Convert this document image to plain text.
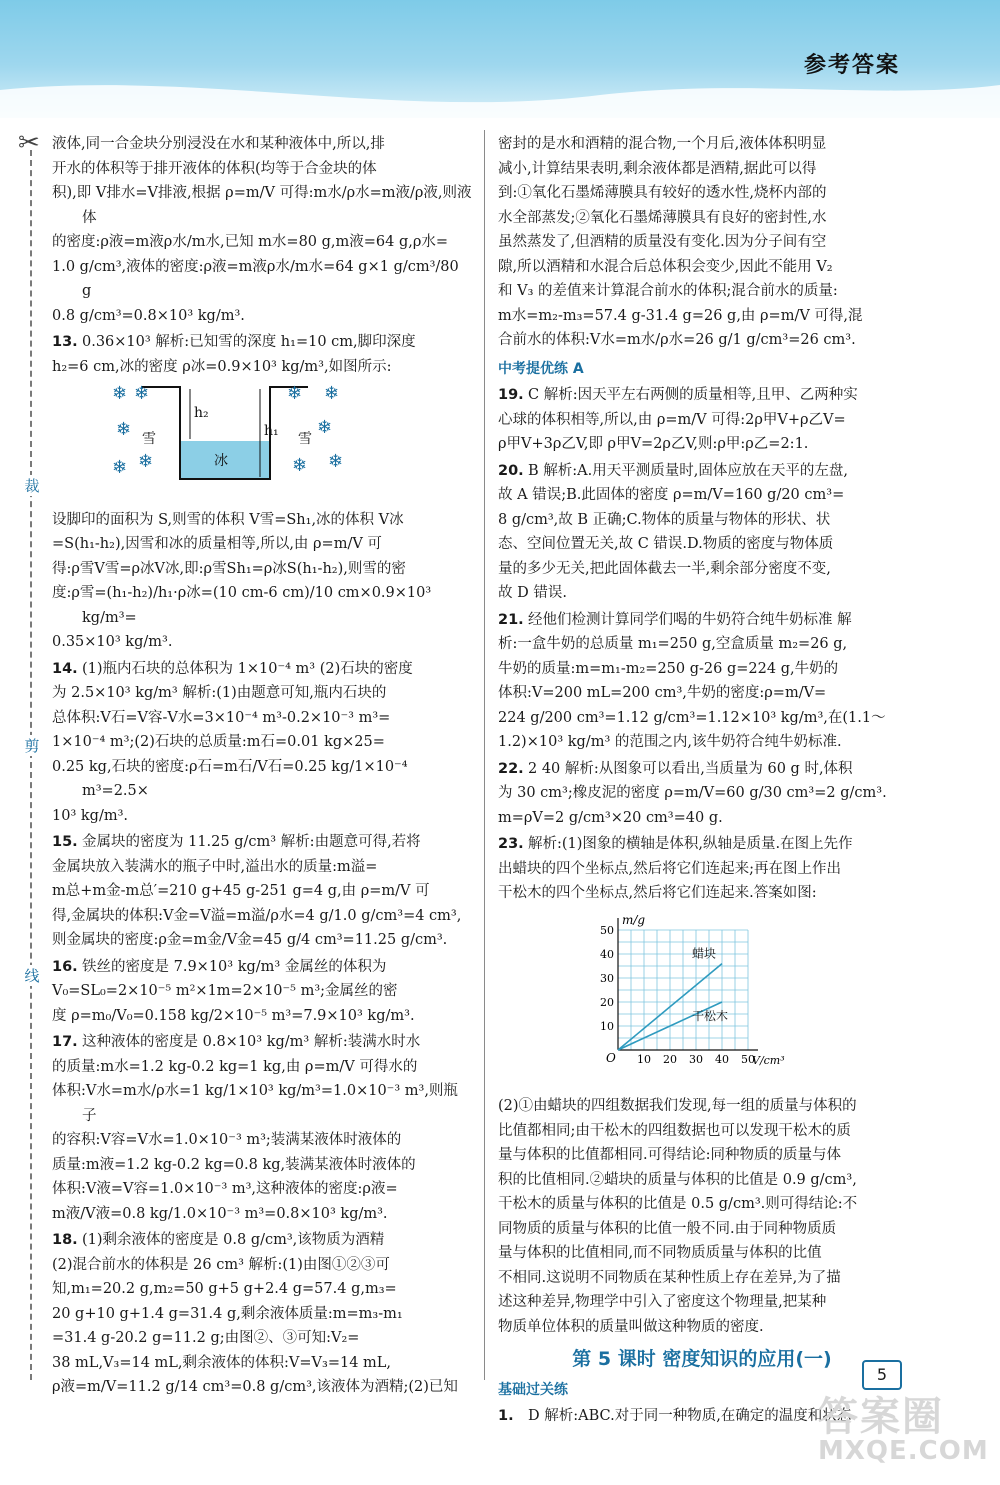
参考答案
✂
裁
剪
线
液体,同一合金块分别浸没在水和某种液体中,所以,排
开水的体积等于排开液体的体积(均等于合金块的体
积),即 V排水=V排液,根据 ρ=m/V 可得:m水/ρ水=m液/ρ液,则液体
的密度:ρ液=m液ρ水/m水,已知 m水=80 g,m液=64 g,ρ水=
1.0 g/cm³,液体的密度:ρ液=m液ρ水/m水=64 g×1 g/cm³/80 g
0.8 g/cm³=0.8×10³ kg/m³.
13. 0.36×10³ 解析:已知雪的深度 h₁=10 cm,脚印深度
h₂=6 cm,冰的密度 ρ冰=0.9×10³ kg/m³,如图所示:
❄ ❄
❄
❄ ❄
❄ ❄
❄
❄ ❄
雪	雪
冰
h₂
h₁
设脚印的面积为 S,则雪的体积 V雪=Sh₁,冰的体积 V冰
=S(h₁-h₂),因雪和冰的质量相等,所以,由 ρ=m/V 可
得:ρ雪V雪=ρ冰V冰,即:ρ雪Sh₁=ρ冰S(h₁-h₂),则雪的密
度:ρ雪=(h₁-h₂)/h₁·ρ冰=(10 cm-6 cm)/10 cm×0.9×10³ kg/m³=
0.35×10³ kg/m³.
14. (1)瓶内石块的总体积为 1×10⁻⁴ m³ (2)石块的密度
为 2.5×10³ kg/m³ 解析:(1)由题意可知,瓶内石块的
总体积:V石=V容-V水=3×10⁻⁴ m³-0.2×10⁻³ m³=
1×10⁻⁴ m³;(2)石块的总质量:m石=0.01 kg×25=
0.25 kg,石块的密度:ρ石=m石/V石=0.25 kg/1×10⁻⁴ m³=2.5×
10³ kg/m³.
15. 金属块的密度为 11.25 g/cm³ 解析:由题意可得,若将
金属块放入装满水的瓶子中时,溢出水的质量:m溢=
m总+m金-m总′=210 g+45 g-251 g=4 g,由 ρ=m/V 可
得,金属块的体积:V金=V溢=m溢/ρ水=4 g/1.0 g/cm³=4 cm³,
则金属块的密度:ρ金=m金/V金=45 g/4 cm³=11.25 g/cm³.
16. 铁丝的密度是 7.9×10³ kg/m³ 金属丝的体积为
V₀=SL₀=2×10⁻⁵ m²×1m=2×10⁻⁵ m³;金属丝的密
度 ρ=m₀/V₀=0.158 kg/2×10⁻⁵ m³=7.9×10³ kg/m³.
17. 这种液体的密度是 0.8×10³ kg/m³ 解析:装满水时水
的质量:m水=1.2 kg-0.2 kg=1 kg,由 ρ=m/V 可得水的
体积:V水=m水/ρ水=1 kg/1×10³ kg/m³=1.0×10⁻³ m³,则瓶子
的容积:V容=V水=1.0×10⁻³ m³;装满某液体时液体的
质量:m液=1.2 kg-0.2 kg=0.8 kg,装满某液体时液体的
体积:V液=V容=1.0×10⁻³ m³,这种液体的密度:ρ液=
m液/V液=0.8 kg/1.0×10⁻³ m³=0.8×10³ kg/m³.
18. (1)剩余液体的密度是 0.8 g/cm³,该物质为酒精
(2)混合前水的体积是 26 cm³ 解析:(1)由图①②③可
知,m₁=20.2 g,m₂=50 g+5 g+2.4 g=57.4 g,m₃=
20 g+10 g+1.4 g=31.4 g,剩余液体质量:m=m₃-m₁
=31.4 g-20.2 g=11.2 g;由图②、③可知:V₂=
38 mL,V₃=14 mL,剩余液体的体积:V=V₃=14 mL,
ρ液=m/V=11.2 g/14 cm³=0.8 g/cm³,该液体为酒精;(2)已知
密封的是水和酒精的混合物,一个月后,液体体积明显
减小,计算结果表明,剩余液体都是酒精,据此可以得
到:①氧化石墨烯薄膜具有较好的透水性,烧杯内部的
水全部蒸发;②氧化石墨烯薄膜具有良好的密封性,水
虽然蒸发了,但酒精的质量没有变化.因为分子间有空
隙,所以酒精和水混合后总体积会变少,因此不能用 V₂
和 V₃ 的差值来计算混合前水的体积;混合前水的质量:
m水=m₂-m₃=57.4 g-31.4 g=26 g,由 ρ=m/V 可得,混
合前水的体积:V水=m水/ρ水=26 g/1 g/cm³=26 cm³.
中考提优练 A
19. C 解析:因天平左右两侧的质量相等,且甲、乙两种实
心球的体积相等,所以,由 ρ=m/V 可得:2ρ甲V+ρ乙V=
ρ甲V+3ρ乙V,即 ρ甲V=2ρ乙V,则:ρ甲:ρ乙=2:1.
20. B 解析:A.用天平测质量时,固体应放在天平的左盘,
故 A 错误;B.此固体的密度 ρ=m/V=160 g/20 cm³=
8 g/cm³,故 B 正确;C.物体的质量与物体的形状、状
态、空间位置无关,故 C 错误.D.物质的密度与物体质
量的多少无关,把此固体截去一半,剩余部分密度不变,
故 D 错误.
21. 经他们检测计算同学们喝的牛奶符合纯牛奶标准 解
析:一盒牛奶的总质量 m₁=250 g,空盒质量 m₂=26 g,
牛奶的质量:m=m₁-m₂=250 g-26 g=224 g,牛奶的
体积:V=200 mL=200 cm³,牛奶的密度:ρ=m/V=
224 g/200 cm³=1.12 g/cm³=1.12×10³ kg/m³,在(1.1～
1.2)×10³ kg/m³ 的范围之内,该牛奶符合纯牛奶标准.
22. 2 40 解析:从图象可以看出,当质量为 60 g 时,体积
为 30 cm³;橡皮泥的密度 ρ=m/V=60 g/30 cm³=2 g/cm³.
m=ρV=2 g/cm³×20 cm³=40 g.
23. 解析:(1)图象的横轴是体积,纵轴是质量.在图上先作
出蜡块的四个坐标点,然后将它们连起来;再在图上作出
干松木的四个坐标点,然后将它们连起来.答案如图:
m/g
V/cm³
O 10 20 30 40 50
10
20
30
40
50
蜡块
干松木
(2)①由蜡块的四组数据我们发现,每一组的质量与体积的
比值都相同;由干松木的四组数据也可以发现干松木的质
量与体积的比值都相同.可得结论:同种物质的质量与体
积的比值相同.②蜡块的质量与体积的比值是 0.9 g/cm³,
干松木的质量与体积的比值是 0.5 g/cm³.则可得结论:不
同物质的质量与体积的比值一般不同.由于同种物质质
量与体积的比值相同,而不同物质质量与体积的比值
不相同.这说明不同物质在某种性质上存在差异,为了描
述这种差异,物理学中引入了密度这个物理量,把某种
物质单位体积的质量叫做这种物质的密度.
第 5 课时 密度知识的应用(一)
基础过关练
1. D 解析:ABC.对于同一种物质,在确定的温度和状态
5
答案圈
MXQE.COM
